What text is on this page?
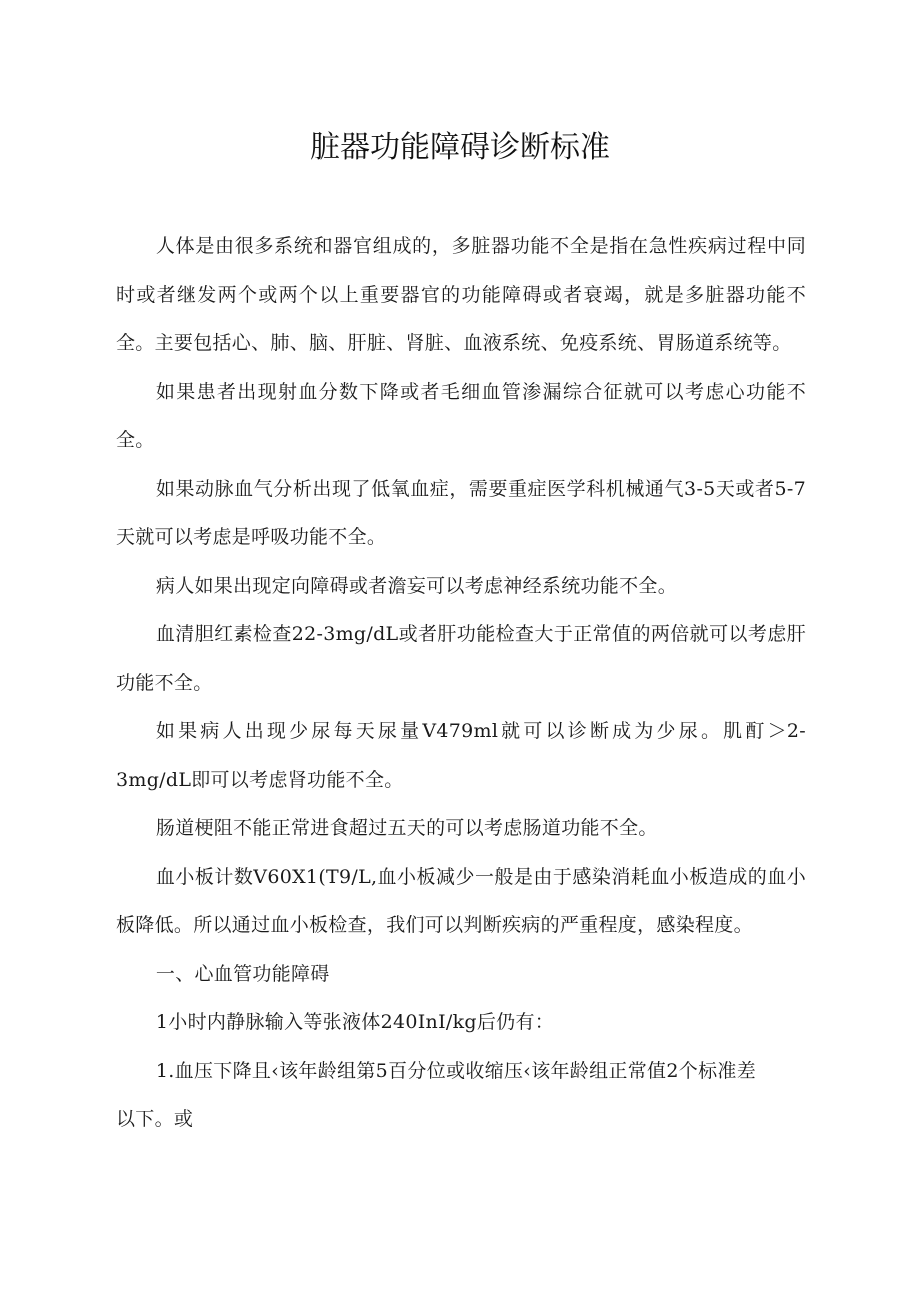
脏器功能障碍诊断标准

人体是由很多系统和器官组成的，多脏器功能不全是指在急性疾病过程中同时或者继发两个或两个以上重要器官的功能障碍或者衰竭，就是多脏器功能不全。主要包括心、肺、脑、肝脏、肾脏、血液系统、免疫系统、胃肠道系统等。

如果患者出现射血分数下降或者毛细血管渗漏综合征就可以考虑心功能不全。

如果动脉血气分析出现了低氧血症，需要重症医学科机械通气3-5天或者5-7天就可以考虑是呼吸功能不全。

病人如果出现定向障碍或者澹妄可以考虑神经系统功能不全。

血清胆红素检查22-3mg/dL或者肝功能检查大于正常值的两倍就可以考虑肝功能不全。

如果病人出现少尿每天尿量V479ml就可以诊断成为少尿。肌酊＞2-3mg/dL即可以考虑肾功能不全。

肠道梗阻不能正常进食超过五天的可以考虑肠道功能不全。

血小板计数V60X1(T9/L,血小板减少一般是由于感染消耗血小板造成的血小板降低。所以通过血小板检查，我们可以判断疾病的严重程度，感染程度。

一、心血管功能障碍

1小时内静脉输入等张液体240InI/kg后仍有：

1.血压下降且‹该年龄组第5百分位或收缩压‹该年龄组正常值2个标准差以下。或
